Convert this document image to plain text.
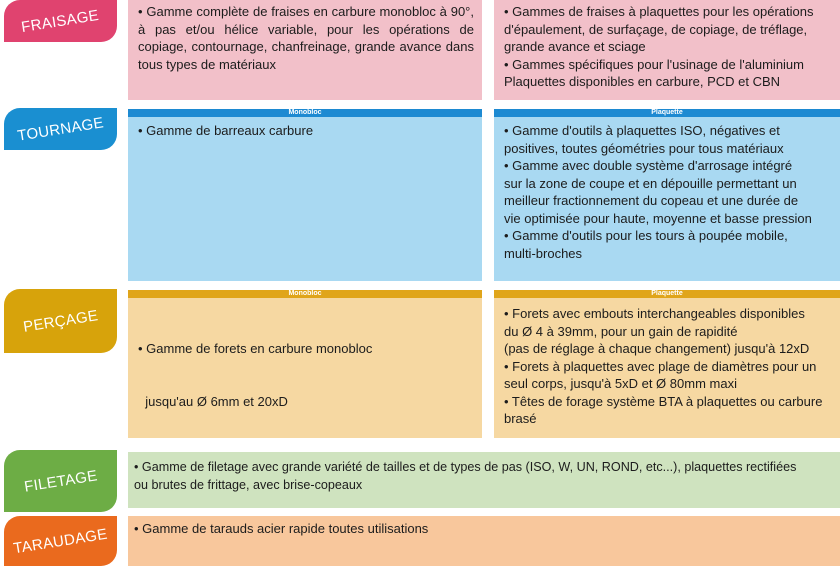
FRAISAGE	• Gamme complète de fraises en carbure monobloc à 90°, à pas et/ou hélice variable, pour les opérations de copiage, contournage, chanfreinage, grande avance dans tous types de matériaux

• Gammes de fraises à plaquettes pour les opérations d'épaulement, de surfaçage, de copiage, de tréflage, grande avance et sciage

• Gammes spécifiques pour l'usinage de l'aluminium

Plaquettes disponibles en carbure, PCD et CBN

TOURNAGE
Monobloc

• Gamme de barreaux carbure

Plaquette

• Gamme d'outils à plaquettes ISO, négatives et

positives, toutes géométries pour tous matériaux

• Gamme avec double système d'arrosage intégré

sur la zone de coupe et en dépouille permettant un

meilleur fractionnement du copeau et une durée de

vie optimisée pour haute, moyenne et basse pression

• Gamme d'outils pour les tours à poupée mobile,

multi-broches

PERÇAGE
Monobloc

• Gamme de forets en carbure monobloc

jusqu'au Ø 6mm et 20xD

Plaquette

• Forets avec embouts interchangeables disponibles

du Ø 4 à 39mm, pour un gain de rapidité

(pas de réglage à chaque changement) jusqu'à 12xD

• Forets à plaquettes avec plage de diamètres pour un

seul corps, jusqu'à 5xD et Ø 80mm maxi

• Têtes de forage système BTA à plaquettes ou carbure

brasé

FILETAGE	• Gamme de filetage avec grande variété de tailles et de types de pas (ISO, W, UN, ROND, etc...), plaquettes rectifiées

ou brutes de frittage, avec brise-copeaux

TARAUDAGE • Gamme de tarauds acier rapide toutes utilisations
